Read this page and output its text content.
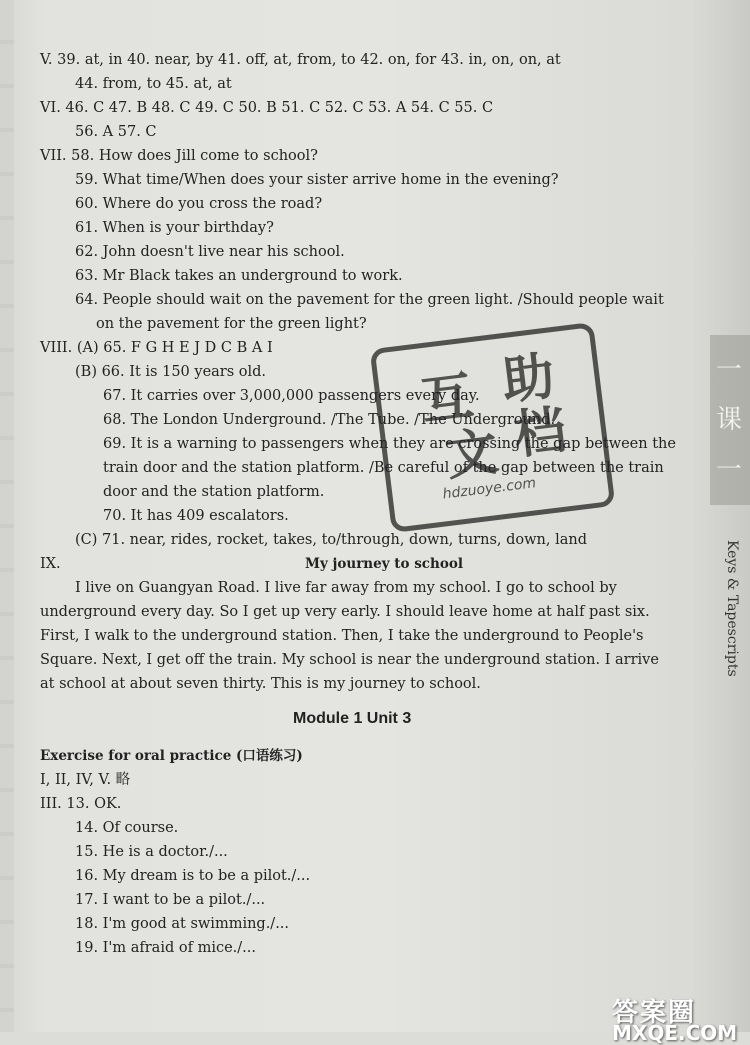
V. 39. at, in 40. near, by 41. off, at, from, to 42. on, for 43. in, on, on, at
44. from, to 45. at, at
VI. 46. C 47. B 48. C 49. C 50. B 51. C 52. C 53. A 54. C 55. C
56. A 57. C
VII. 58. How does Jill come to school?
59. What time/When does your sister arrive home in the evening?
60. Where do you cross the road?
61. When is your birthday?
62. John doesn't live near his school.
63. Mr Black takes an underground to work.
64. People should wait on the pavement for the green light. /Should people wait
on the pavement for the green light?
VIII. (A) 65. F G H E J D C B A I
(B) 66. It is 150 years old.
67. It carries over 3,000,000 passengers every day.
68. The London Underground. /The Tube. /The Underground.
69. It is a warning to passengers when they are crossing the gap between the
train door and the station platform. /Be careful of the gap between the train
door and the station platform.
70. It has 409 escalators.
(C) 71. near, rides, rocket, takes, to/through, down, turns, down, land
IX.	My journey to school
I live on Guangyan Road. I live far away from my school. I go to school by
underground every day. So I get up very early. I should leave home at half past six.
First, I walk to the underground station. Then, I take the underground to People's
Square. Next, I get off the train. My school is near the underground station. I arrive
at school at about seven thirty. This is my journey to school.
Module 1 Unit 3
Exercise for oral practice (口语练习)
I, II, IV, V. 略
III. 13. OK.
14. Of course.
15. He is a doctor./...
16. My dream is to be a pilot./...
17. I want to be a pilot./...
18. I'm good at swimming./...
19. I'm afraid of mice./...
一
课
一
Keys & Tapescripts
互 助
文 档
hdzuoye.com
答案圈
MXQE.COM
